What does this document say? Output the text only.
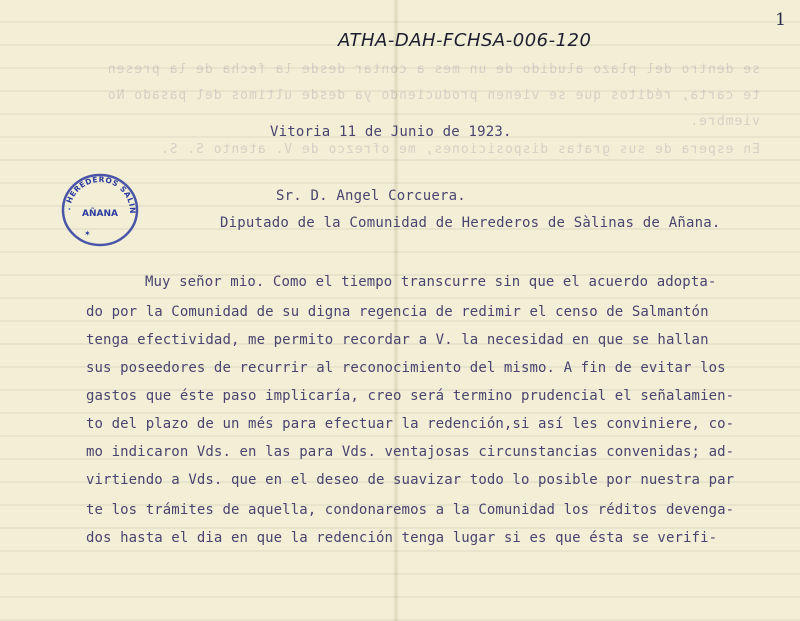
se dentro del plazo aludido de un mes a contar desde la fecha de la presen
te carta, réditos que se vienen produciendo ya desde ultimos del pasado No
viembre.
En espera de sus gratas disposiciones, me ofrezco de V. atento S. S.
1
ATHA-DAH-FCHSA-006-120
Vitoria 11 de Junio de 1923.
. HEREDEROS SALIN
AÑANA
✶
Sr. D. Angel Corcuera.
Diputado de la Comunidad de Herederos de Sàlinas de Añana.
Muy señor mio. Como el tiempo transcurre sin que el acuerdo adopta-
do por la Comunidad de su digna regencia de redimir el censo de Salmantón
tenga efectividad, me permito recordar a V. la necesidad en que se hallan
sus poseedores de recurrir al reconocimiento del mismo. A fin de evitar los
gastos que éste paso implicaría, creo será termino prudencial el señalamien-
to del plazo de un més para efectuar la redención,si así les conviniere, co-
mo indicaron Vds. en las para Vds. ventajosas circunstancias convenidas; ad-
virtiendo a Vds. que en el deseo de suavizar todo lo posible por nuestra par
te los trámites de aquella, condonaremos a la Comunidad los réditos devenga-
dos hasta el dia en que la redención tenga lugar si es que ésta se verifi-
